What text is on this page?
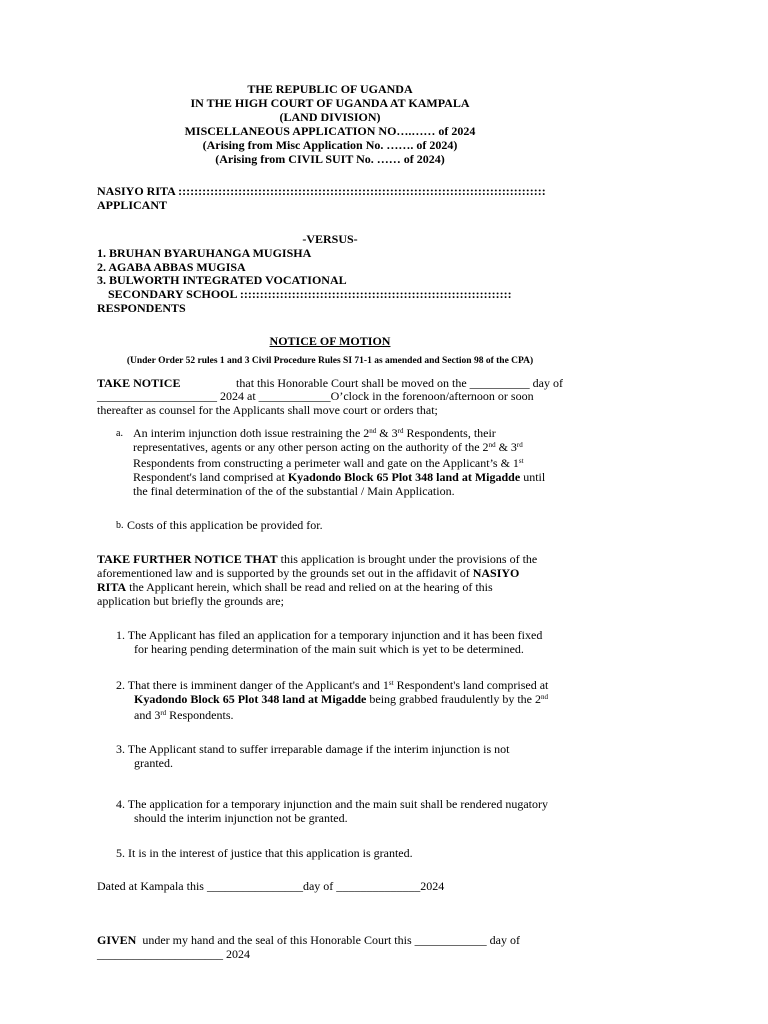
THE REPUBLIC OF UGANDA
IN THE HIGH COURT OF UGANDA AT KAMPALA
(LAND DIVISION)
MISCELLANEOUS APPLICATION NO….…… of 2024
(Arising from Misc Application No. ……. of 2024)
(Arising from CIVIL SUIT No. …… of 2024)
NASIYO RITA ::::::::::::::::::::::::::::::::::::::::::::::::::::::::::::::::::::::::::::::::::::::::::::
APPLICANT
-VERSUS-
1. BRUHAN BYARUHANGA MUGISHA
2. AGABA ABBAS MUGISA
3. BULWORTH INTEGRATED VOCATIONAL
SECONDARY SCHOOL ::::::::::::::::::::::::::::::::::::::::::::::::::::::::::::::::::::
RESPONDENTS
NOTICE OF MOTION
(Under Order 52 rules 1 and 3 Civil Procedure Rules SI 71-1 as amended and Section 98 of the CPA)
TAKE NOTICE	that this Honorable Court shall be moved on the __________ day of
____________________ 2024 at ____________O’clock in the forenoon/afternoon or soon
thereafter as counsel for the Applicants shall move court or orders that;
a. An interim injunction doth issue restraining the 2nd & 3rd Respondents, their
representatives, agents or any other person acting on the authority of the 2nd & 3rd
Respondents from constructing a perimeter wall and gate on the Applicant’s & 1st
Respondent's land comprised at Kyadondo Block 65 Plot 348 land at Migadde until
the final determination of the of the substantial / Main Application.
b. Costs of this application be provided for.
TAKE FURTHER NOTICE THAT this application is brought under the provisions of the
aforementioned law and is supported by the grounds set out in the affidavit of NASIYO
RITA the Applicant herein, which shall be read and relied on at the hearing of this
application but briefly the grounds are;
1. The Applicant has filed an application for a temporary injunction and it has been fixed
for hearing pending determination of the main suit which is yet to be determined.
2. That there is imminent danger of the Applicant's and 1st Respondent's land comprised at
Kyadondo Block 65 Plot 348 land at Migadde being grabbed fraudulently by the 2nd
and 3rd Respondents.
3. The Applicant stand to suffer irreparable damage if the interim injunction is not
granted.
4. The application for a temporary injunction and the main suit shall be rendered nugatory
should the interim injunction not be granted.
5. It is in the interest of justice that this application is granted.
Dated at Kampala this ________________day of ______________2024
GIVEN under my hand and the seal of this Honorable Court this ____________ day of
_____________________ 2024
